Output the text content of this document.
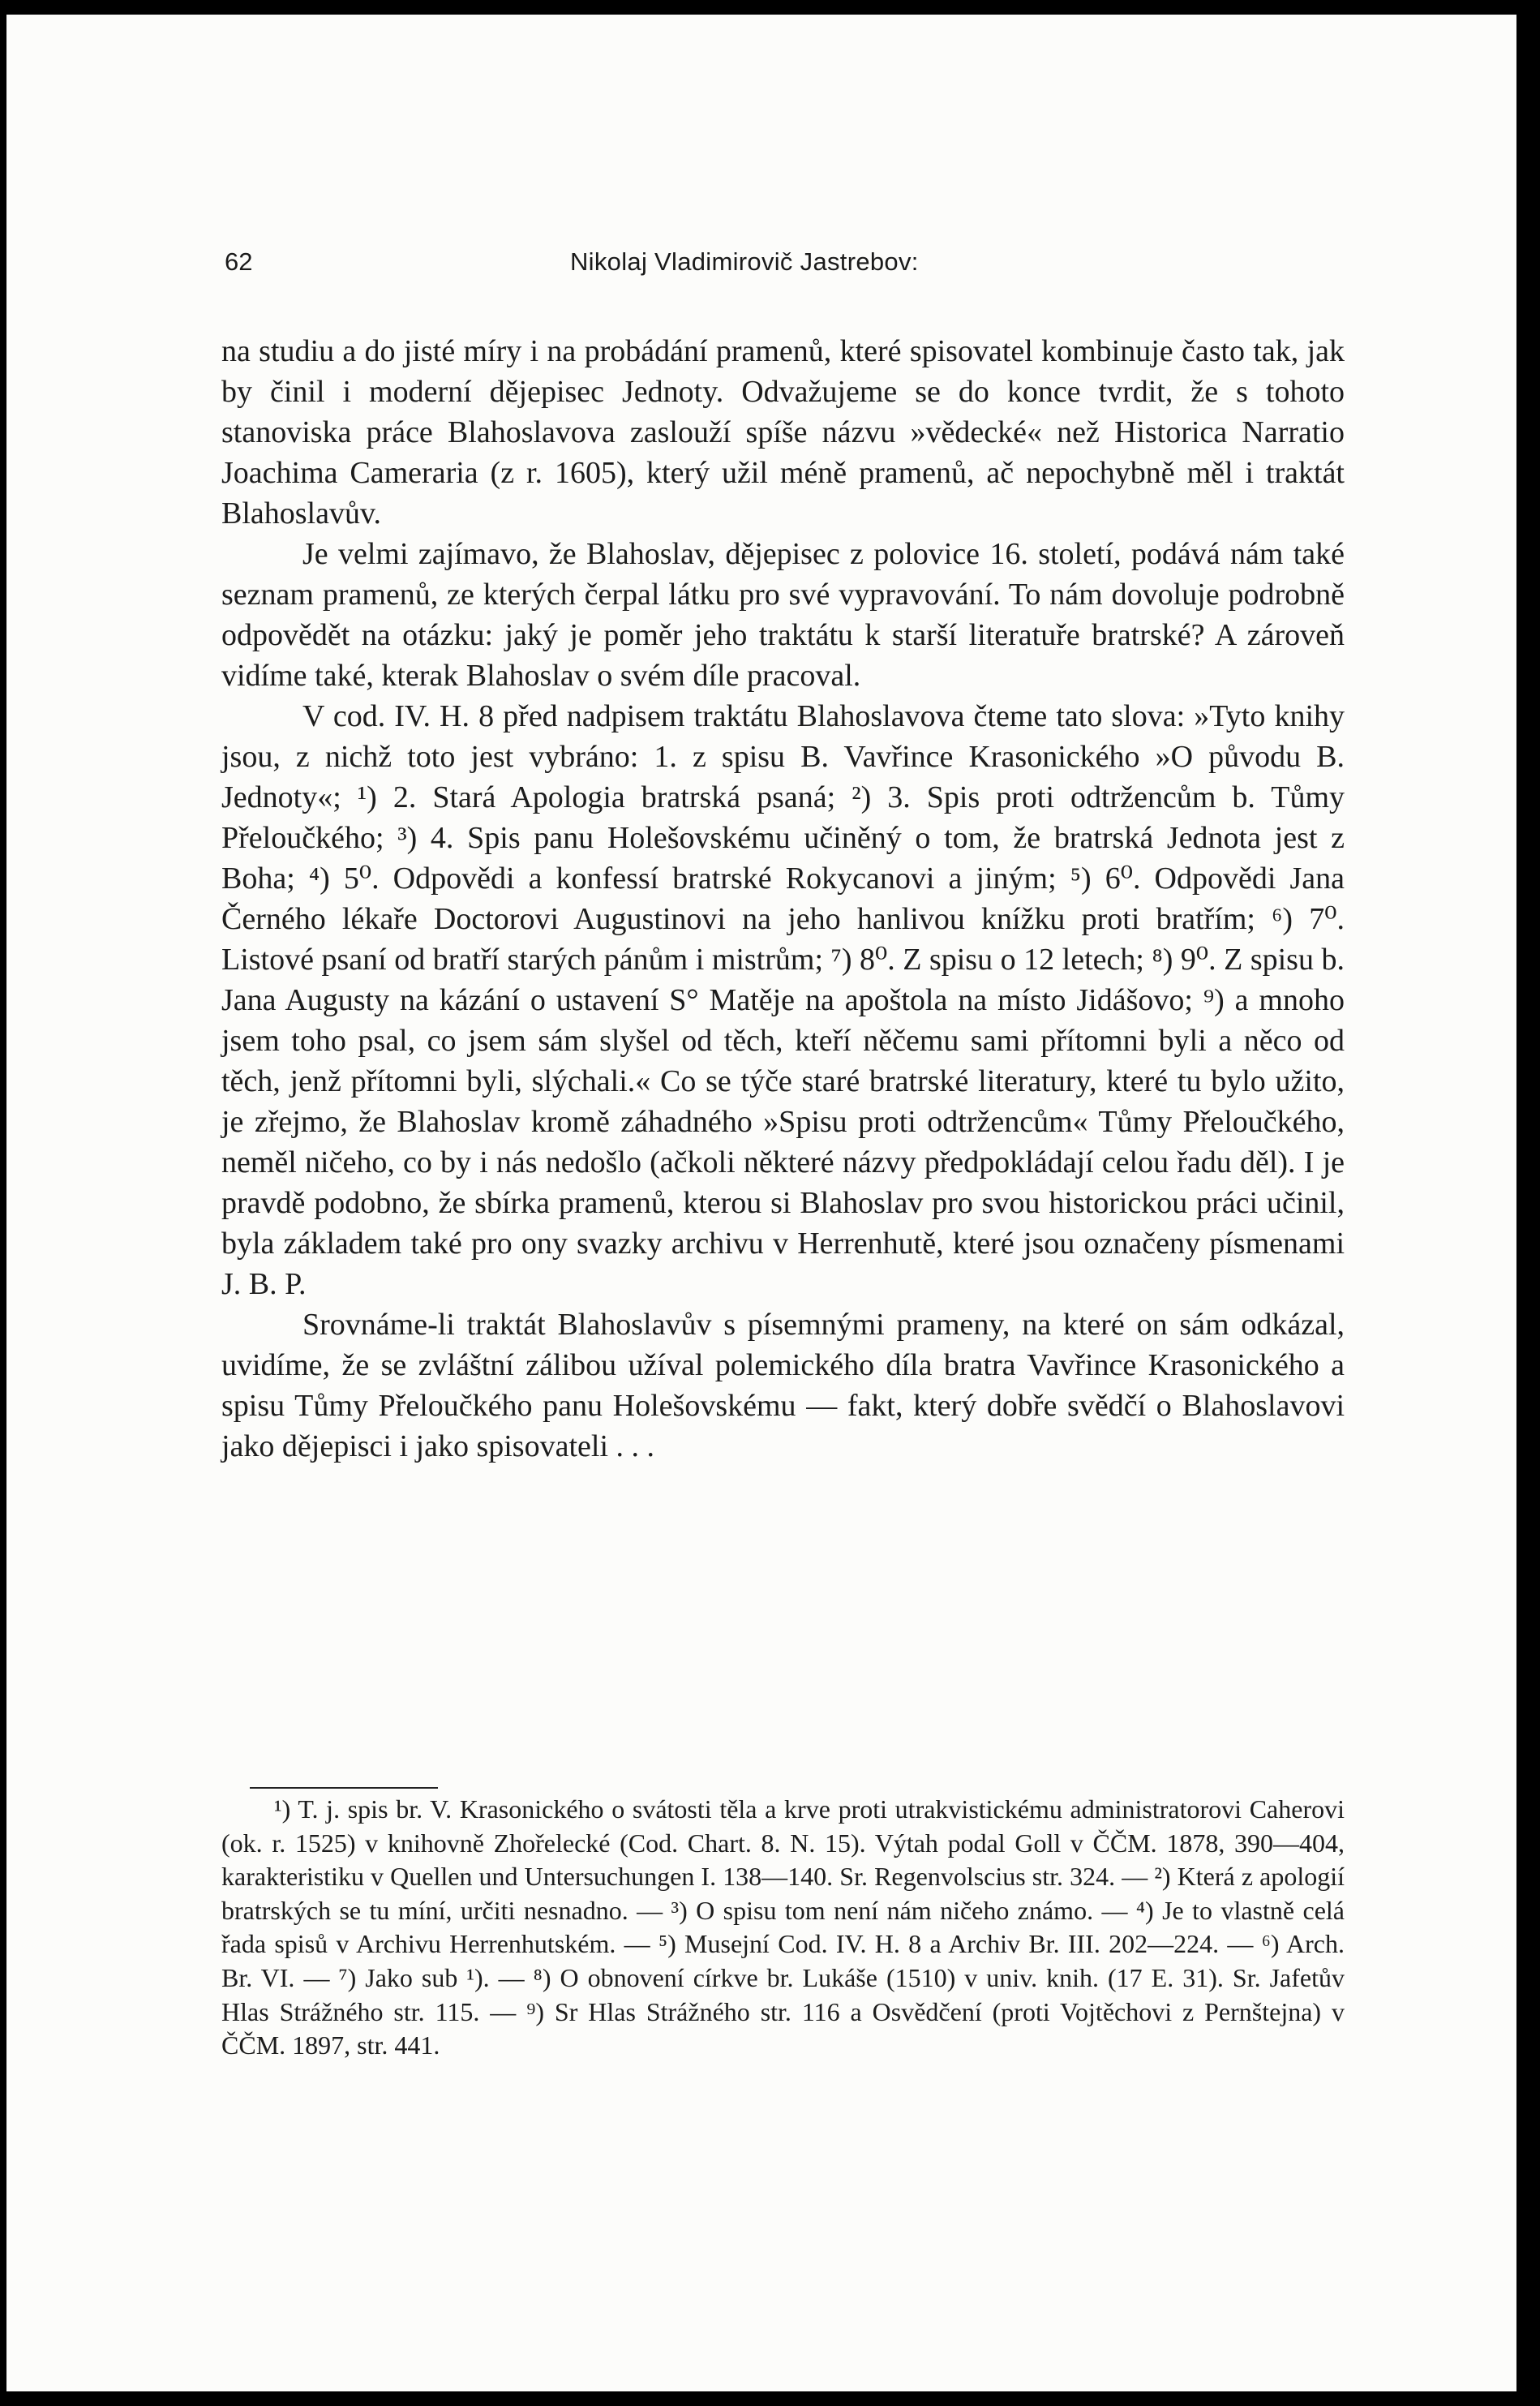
62	Nikolaj Vladimirovič Jastrebov:

na studiu a do jisté míry i na probádání pramenů, které spisovatel kombinuje často tak, jak by činil i moderní dějepisec Jednoty. Odvažujeme se do konce tvrdit, že s tohoto stanoviska práce Blahoslavova zaslouží spíše názvu »vědecké« než Historica Narratio Joachima Cameraria (z r. 1605), který užil méně pramenů, ač nepochybně měl i traktát Blahoslavův.

Je velmi zajímavo, že Blahoslav, dějepisec z polovice 16. století, podává nám také seznam pramenů, ze kterých čerpal látku pro své vypravování. To nám dovoluje podrobně odpovědět na otázku: jaký je poměr jeho traktátu k starší literatuře bratrské? A zároveň vidíme také, kterak Blahoslav o svém díle pracoval.

V cod. IV. H. 8 před nadpisem traktátu Blahoslavova čteme tato slova: »Tyto knihy jsou, z nichž toto jest vybráno: 1. z spisu B. Vavřince Krasonického »O původu B. Jednoty«; ¹) 2. Stará Apologia bratrská psaná; ²) 3. Spis proti odtržencům b. Tůmy Přeloučkého; ³) 4. Spis panu Holešovskému učiněný o tom, že bratrská Jednota jest z Boha; ⁴) 5⁰. Odpovědi a konfessí bratrské Rokycanovi a jiným; ⁵) 6⁰. Odpovědi Jana Černého lékaře Doctorovi Augustinovi na jeho hanlivou knížku proti bratřím; ⁶) 7⁰. Listové psaní od bratří starých pánům i mistrům; ⁷) 8⁰. Z spisu o 12 letech; ⁸) 9⁰. Z spisu b. Jana Augusty na kázání o ustavení S° Matěje na apoštola na místo Jidášovo; ⁹) a mnoho jsem toho psal, co jsem sám slyšel od těch, kteří něčemu sami přítomni byli a něco od těch, jenž přítomni byli, slýchali.« Co se týče staré bratrské literatury, které tu bylo užito, je zřejmo, že Blahoslav kromě záhadného »Spisu proti odtržencům« Tůmy Přeloučkého, neměl ničeho, co by i nás nedošlo (ačkoli některé názvy předpokládají celou řadu děl). I je pravdě podobno, že sbírka pramenů, kterou si Blahoslav pro svou historickou práci učinil, byla základem také pro ony svazky archivu v Herrenhutě, které jsou označeny písmenami J. B. P.

Srovnáme-li traktát Blahoslavův s písemnými prameny, na které on sám odkázal, uvidíme, že se zvláštní zálibou užíval polemického díla bratra Vavřince Krasonického a spisu Tůmy Přeloučkého panu Holešovskému — fakt, který dobře svědčí o Blahoslavovi jako dějepisci i jako spisovateli . . .

¹) T. j. spis br. V. Krasonického o svátosti těla a krve proti utrakvistickému administratorovi Caherovi (ok. r. 1525) v knihovně Zhořelecké (Cod. Chart. 8. N. 15). Výtah podal Goll v ČČM. 1878, 390—404, karakteristiku v Quellen und Untersuchungen I. 138—140. Sr. Regenvolscius str. 324. — ²) Která z apologií bratrských se tu míní, určiti nesnadno. — ³) O spisu tom není nám ničeho známo. — ⁴) Je to vlastně celá řada spisů v Archivu Herrenhutském. — ⁵) Musejní Cod. IV. H. 8 a Archiv Br. III. 202—224. — ⁶) Arch. Br. VI. — ⁷) Jako sub ¹). — ⁸) O obnovení církve br. Lukáše (1510) v univ. knih. (17 E. 31). Sr. Jafetův Hlas Strážného str. 115. — ⁹) Sr Hlas Strážného str. 116 a Osvědčení (proti Vojtěchovi z Pernštejna) v ČČM. 1897, str. 441.
